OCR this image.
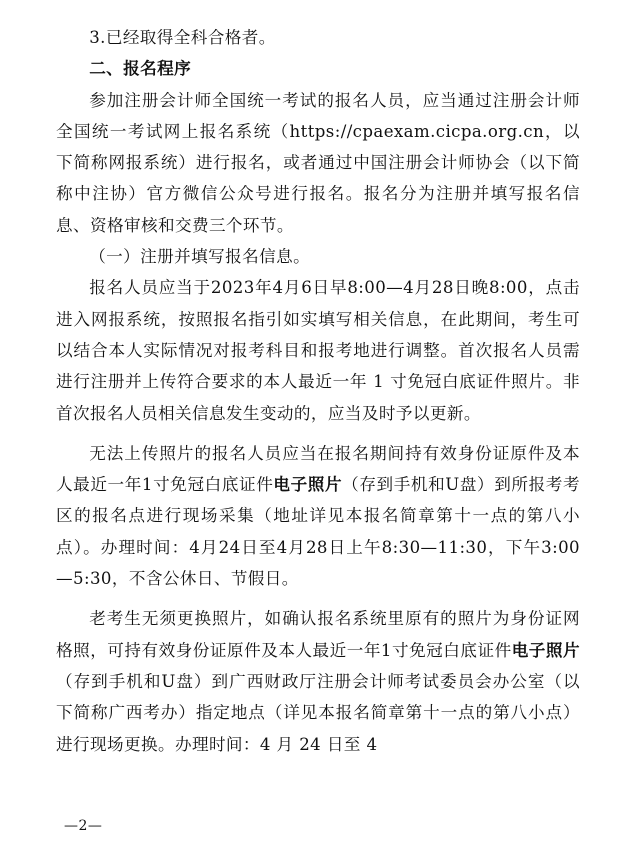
3.已经取得全科合格者。

二、报名程序

参加注册会计师全国统一考试的报名人员，应当通过注册会计师全国统一考试网上报名系统（https://cpaexam.cicpa.org.cn，以下简称网报系统）进行报名，或者通过中国注册会计师协会（以下简称中注协）官方微信公众号进行报名。报名分为注册并填写报名信息、资格审核和交费三个环节。

（一）注册并填写报名信息。

报名人员应当于2023年4月6日早8:00—4月28日晚8:00，点击进入网报系统，按照报名指引如实填写相关信息，在此期间，考生可以结合本人实际情况对报考科目和报考地进行调整。首次报名人员需进行注册并上传符合要求的本人最近一年 1 寸免冠白底证件照片。非首次报名人员相关信息发生变动的，应当及时予以更新。

无法上传照片的报名人员应当在报名期间持有效身份证原件及本人最近一年1寸免冠白底证件电子照片（存到手机和U盘）到所报考考区的报名点进行现场采集（地址详见本报名简章第十一点的第八小点）。办理时间：4月24日至4月28日上午8:30—11:30，下午3:00—5:30，不含公休日、节假日。

老考生无须更换照片，如确认报名系统里原有的照片为身份证网格照，可持有效身份证原件及本人最近一年1寸免冠白底证件电子照片（存到手机和U盘）到广西财政厅注册会计师考试委员会办公室（以下简称广西考办）指定地点（详见本报名简章第十一点的第八小点）进行现场更换。办理时间：4 月 24 日至 4

—2—
